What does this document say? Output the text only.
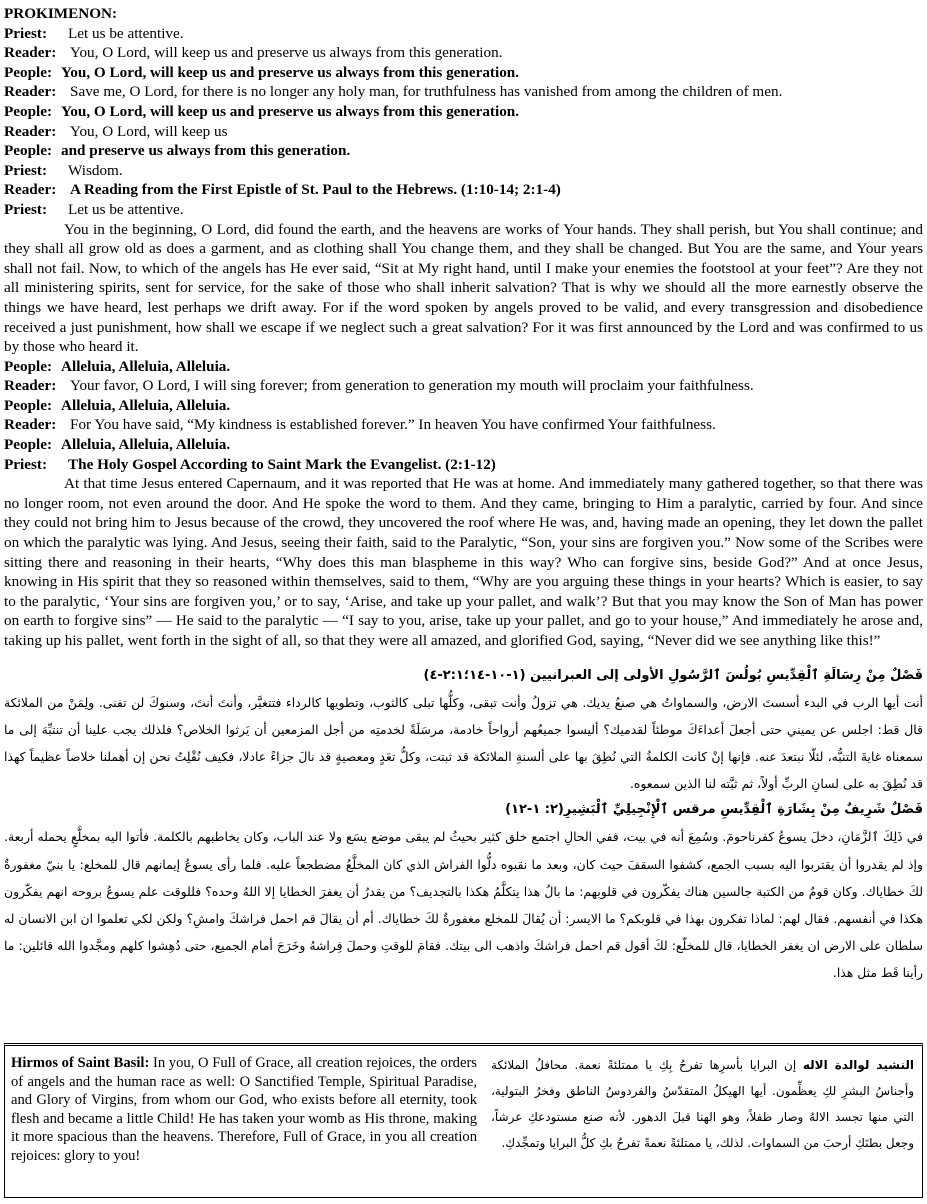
PROKIMENON:
Priest:	Let us be attentive.
Reader: You, O Lord, will keep us and preserve us always from this generation.
People: You, O Lord, will keep us and preserve us always from this generation.
Reader: Save me, O Lord, for there is no longer any holy man, for truthfulness has vanished from among the children of men.
People: You, O Lord, will keep us and preserve us always from this generation.
Reader: You, O Lord, will keep us
People: and preserve us always from this generation.
Priest:	Wisdom.
Reader: A Reading from the First Epistle of St. Paul to the Hebrews. (1:10-14; 2:1-4)
Priest:	Let us be attentive.

You in the beginning, O Lord, did found the earth, and the heavens are works of Your hands. They shall perish, but You shall continue; and they shall all grow old as does a garment, and as clothing shall You change them, and they shall be changed. But You are the same, and Your years shall not fail. Now, to which of the angels has He ever said, “Sit at My right hand, until I make your enemies the footstool at your feet”? Are they not all ministering spirits, sent for service, for the sake of those who shall inherit salvation? That is why we should all the more earnestly observe the things we have heard, lest perhaps we drift away. For if the word spoken by angels proved to be valid, and every transgression and disobedience received a just punishment, how shall we escape if we neglect such a great salvation? For it was first announced by the Lord and was confirmed to us by those who heard it.

People: Alleluia, Alleluia, Alleluia.
Reader: Your favor, O Lord, I will sing forever; from generation to generation my mouth will proclaim your faithfulness.
People: Alleluia, Alleluia, Alleluia.
Reader: For You have said, “My kindness is established forever.” In heaven You have confirmed Your faithfulness.
People: Alleluia, Alleluia, Alleluia.
Priest:	The Holy Gospel According to Saint Mark the Evangelist. (2:1-12)

At that time Jesus entered Capernaum, and it was reported that He was at home. And immediately many gathered together, so that there was no longer room, not even around the door. And He spoke the word to them. And they came, bringing to Him a paralytic, carried by four. And since they could not bring him to Jesus because of the crowd, they uncovered the roof where He was, and, having made an opening, they let down the pallet on which the paralytic was lying. And Jesus, seeing their faith, said to the Paralytic, “Son, your sins are forgiven you.” Now some of the Scribes were sitting there and reasoning in their hearts, “Why does this man blaspheme in this way? Who can forgive sins, beside God?” And at once Jesus, knowing in His spirit that they so reasoned within themselves, said to them, “Why are you arguing these things in your hearts? Which is easier, to say to the paralytic, ‘Your sins are forgiven you,’ or to say, ‘Arise, and take up your pallet, and walk’? But that you may know the Son of Man has power on earth to forgive sins” — He said to the paralytic — “I say to you, arise, take up your pallet, and go to your house,” And immediately he arose and, taking up his pallet, went forth in the sight of all, so that they were all amazed, and glorified God, saying, “Never did we see anything like this!”

فَصْلٌ مِنْ رِسَالَةِ ٱلْقِدِّيسِ بُولُسَ ٱلرَّسُولِ الأولى إلى العبرانيين (١-١٠-١٤؛٢:١-٤)

أنت أيها الرب في البدء أسستَ الارض، والسماواتُ هي صنعُ يديك. هي تزولُ وأنت تبقى، وكلُّها تبلى كالثوب، وتطويها كالرداء فتتغيَّر، وأنتَ أنتَ، وسنوكَ لن تفنى. ولِمَنْ من الملائكة قال قط: اجلس عن يميني حتى أجعلَ أعداءَكَ موطئاً لقدميك؟ أليسوا جميعُهم أرواحاً خادمة، مرسَلَةً لخدمتِه من أجل المزمعين أن يَرثوا الخلاص؟ فلذلك يجب علينا أن تنتبِّهَ إلى ما سمعناه غايةَ التنبُّه، لئلّا نبتعدَ عنه. فإنها إنْ كانت الكلمةُ التي نُطِقَ بها على ألسنةِ الملائكة قد ثبتت، وكلُّ تعَدٍ ومعصيةٍ قد نالَ جزاءً عادلا، فكيف نُفْلِتُ نحن إن أهملنا خلاصاً عظيماً كهذا قد نُطِقَ به على لسانِ الربِّ أولاً، ثم ثبَّته لنا الذين سمعوه.

فَصْلٌ شَرِيفٌ مِنْ بِشَارَةِ ٱلْقِدِّيسِ مرقس ٱلْإِنْجِيلِيِّ ٱلْبَشِيرِ(٢: ١-١٢)

في ذَلِكَ ٱلزَّمَانِ، دخلَ يسوعُ كفرناحومَ. وسُمِعَ أنه في بيت، ففي الحالِ اجتمع خلق كثير بحيثُ لم يبقى موضع يسَع ولا عند الباب، وكان يخاطبهم بالكلمة. فأتوا اليه بمخلَّعٍ يحمله أربعة. وإذ لم يقدروا أن يقتربوا اليه بسبب الجمع، كشفوا السقفَ حيث كان، وبعد ما نقبوه دلُّوا الفراش الذي كان المخلَّعُ مضطجعاً عليه. فلما رأى يسوعُ إيمانهم قال للمخلع: يا بنيّ مغفورةٌ لكَ خطاياك. وكان قومٌ من الكتبة جالسين هناك يفكّرون في قلوبهم: ما بالُ هذا يتكلَّمُ هكذا بالتجديف؟ من يقدرُ أن يغفرَ الخطايا إلا اللهُ وحده؟ فللوقت علم يسوعُ بروحه انهم يفكّرون هكذا في أنفسهم. فقال لهم: لماذا تفكرون بهذا في قلوبكم؟ ما الايسر: أن يُقالَ للمخلع مغفورةٌ لكَ خطاياك. أم أن يقالَ قم احمل فراشكَ وامشِ؟ ولكن لكي تعلموا ان ابن الانسان له سلطان على الارض ان يغفر الخطايا، قال للمخلّع: لكَ أقول قم احمل فراشكَ واذهب الى بيتك. فقامَ للوقتِ وحملَ فِراشهُ وخَرَجَ أمام الجميع، حتى دُهِشوا كلهم ومجَّدوا الله قائلين: ما رأينا قَط مثل هذا.

Hirmos of Saint Basil: In you, O Full of Grace, all creation rejoices, the orders of angels and the human race as well: O Sanctified Temple, Spiritual Paradise, and Glory of Virgins, from whom our God, who exists before all eternity, took flesh and became a little Child! He has taken your womb as His throne, making it more spacious than the heavens. Therefore, Full of Grace, in you all creation rejoices: glory to you!
النشيد لوالدة الاله إن البرايا بأسرِها تفرحُ بِكِ يا ممتلئةً نعمة. محافلُ الملائكة وأجناسُ البشرِ لكِ يعظِّمون. أيها الهيكلُ المتقدّسُ والفردوسُ الناطق وفخرُ البتولية، التي منها تجسد الالهُ وصار طفلاً، وهو الهنا قبلَ الدهور. لأنه صنع مستودعكِ عرشاً، وجعل بطنَكِ أرحبَ من السماوات. لذلك، يا ممتلئةً نعمةً تفرحُ بكِ كلُّ البرايا وتمجِّدكِ.
